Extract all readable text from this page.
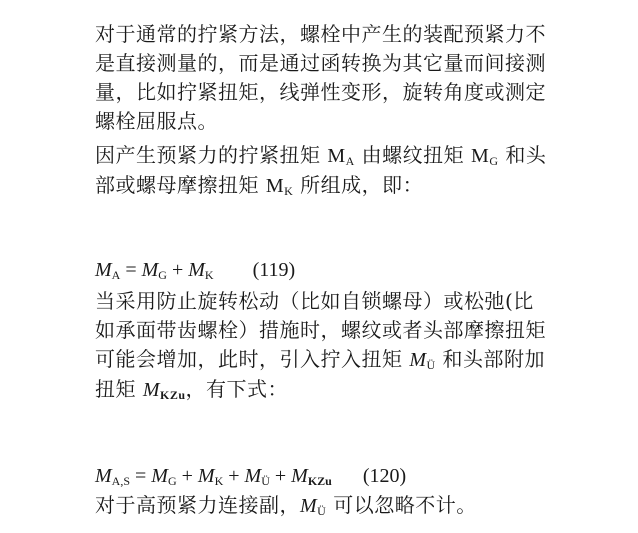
对于通常的拧紧方法，螺栓中产生的装配预紧力不是直接测量的，而是通过函转换为其它量而间接测量，比如拧紧扭矩，线弹性变形，旋转角度或测定螺栓屈服点。

因产生预紧力的拧紧扭矩 $M_A$ 由螺纹扭矩 $M_G$ 和头部或螺母摩擦扭矩 $M_K$ 所组成，即：

$M_A = M_G + M_K$ (119)

当采用防止旋转松动（比如自锁螺母）或松弛(比如承面带齿螺栓）措施时，螺纹或者头部摩擦扭矩可能会增加，此时，引入拧入扭矩 $M_Ü$ 和头部附加扭矩 $M_{KZu}$，有下式：

$M_{A,S} = M_G + M_K + M_Ü + M_{KZu}$ (120)

对于高预紧力连接副，$M_Ü$ 可以忽略不计。
